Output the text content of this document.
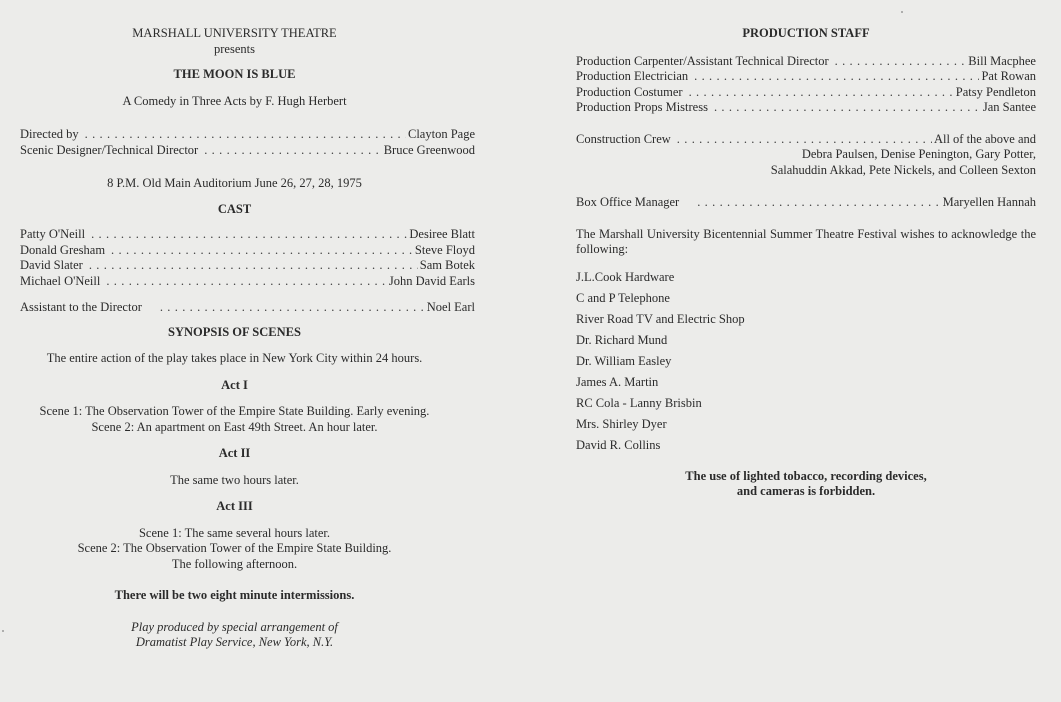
MARSHALL UNIVERSITY THEATRE
presents
THE MOON IS BLUE
A Comedy in Three Acts by F. Hugh Herbert
Directed by . . .	Clayton Page
Scenic Designer/Technical Director . . .	Bruce Greenwood
8 P.M. Old Main Auditorium June 26, 27, 28, 1975
CAST
Patty O'Neill . . .	Desiree Blatt
Donald Gresham . . .	Steve Floyd
David Slater . . .	Sam Botek
Michael O'Neill . . .	John David Earls
Assistant to the Director . . .	Noel Earl
SYNOPSIS OF SCENES
The entire action of the play takes place in New York City within 24 hours.
Act I
Scene 1: The Observation Tower of the Empire State Building. Early evening.
Scene 2: An apartment on East 49th Street. An hour later.
Act II
The same two hours later.
Act III
Scene 1: The same several hours later.
Scene 2: The Observation Tower of the Empire State Building.
The following afternoon.
There will be two eight minute intermissions.
Play produced by special arrangement of
Dramatist Play Service, New York, N.Y.
PRODUCTION STAFF
Production Carpenter/Assistant Technical Director . . .	Bill Macphee
Production Electrician . . .	Pat Rowan
Production Costumer . . .	Patsy Pendleton
Production Props Mistress . . .	Jan Santee
Construction Crew . . .	All of the above and
Debra Paulsen, Denise Penington, Gary Potter,
Salahuddin Akkad, Pete Nickels, and Colleen Sexton
Box Office Manager . . .	Maryellen Hannah
The Marshall University Bicentennial Summer Theatre Festival wishes to acknowledge the following:
J.L.Cook Hardware
C and P Telephone
River Road TV and Electric Shop
Dr. Richard Mund
Dr. William Easley
James A. Martin
RC Cola - Lanny Brisbin
Mrs. Shirley Dyer
David R. Collins
The use of lighted tobacco, recording devices,
and cameras is forbidden.
